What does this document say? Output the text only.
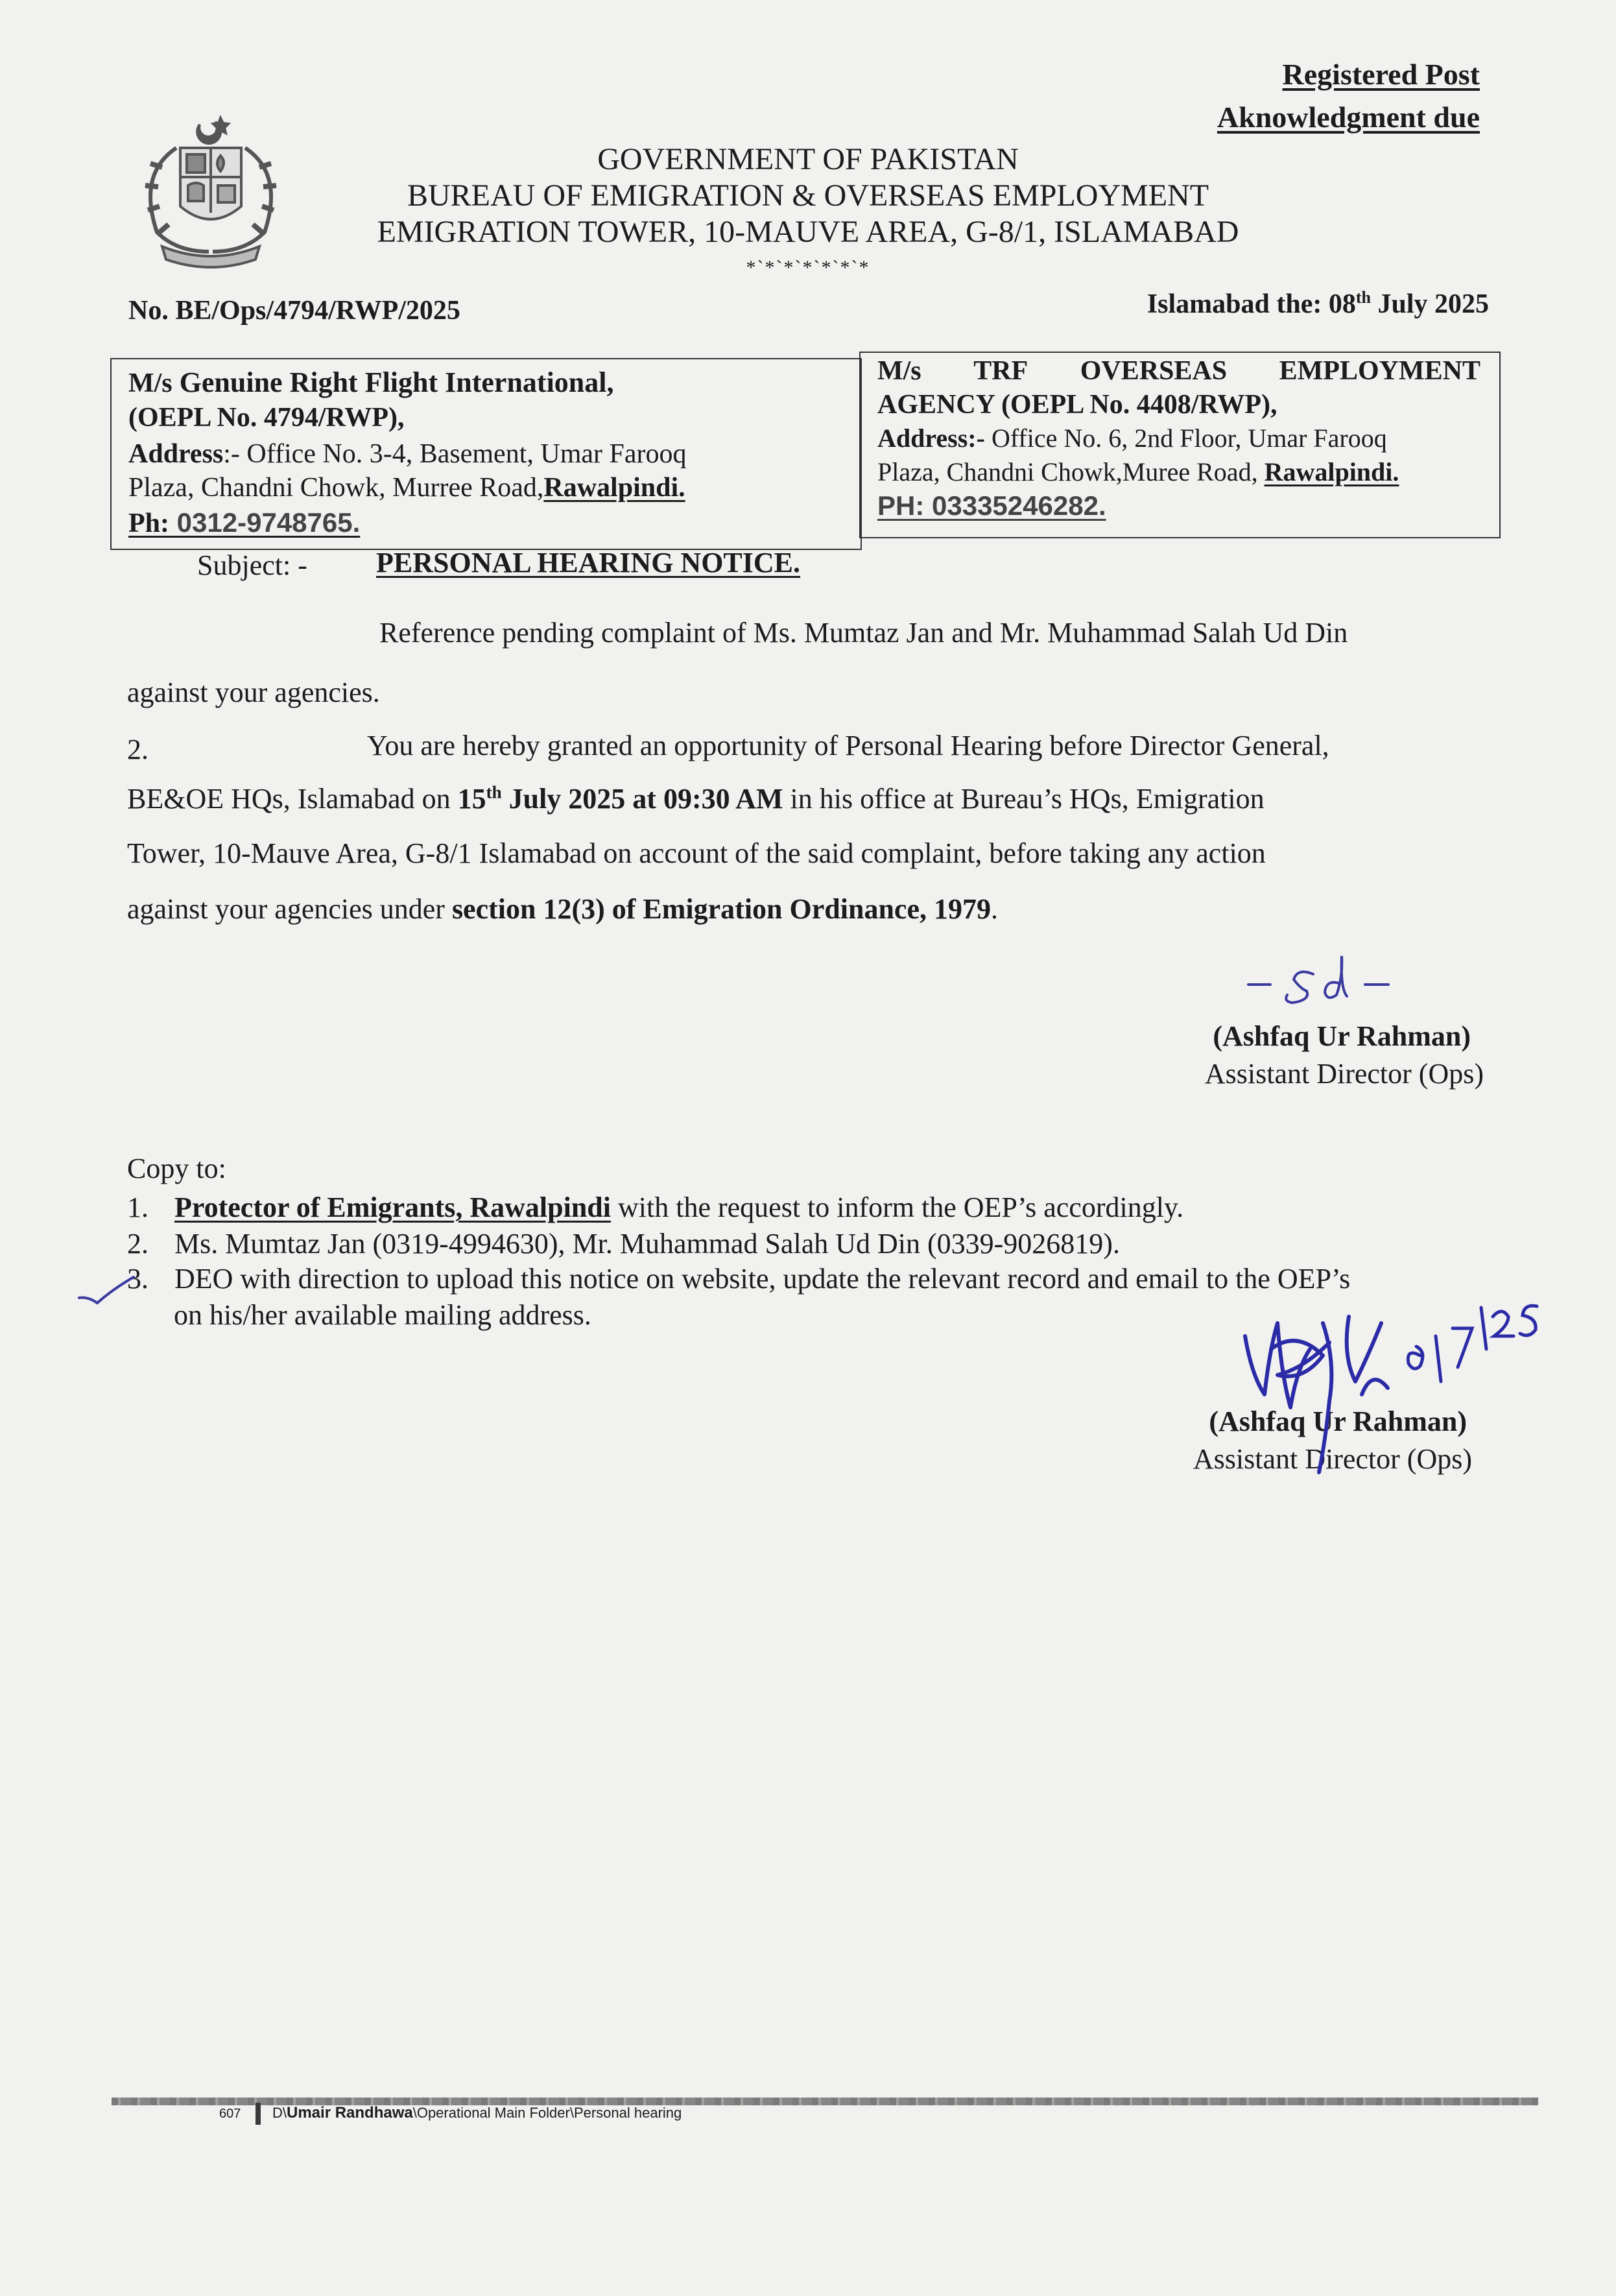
Registered Post
Aknowledgment due
GOVERNMENT OF PAKISTAN
BUREAU OF EMIGRATION & OVERSEAS EMPLOYMENT
EMIGRATION TOWER, 10-MAUVE AREA, G-8/1, ISLAMABAD
*`*`*`*`*`*`*
No. BE/Ops/4794/RWP/2025	Islamabad the: 08th July 2025
M/s Genuine Right Flight International,
(OEPL No. 4794/RWP),
Address:- Office No. 3-4, Basement, Umar Farooq
Plaza, Chandni Chowk, Murree Road,Rawalpindi.
Ph: 0312-9748765.
M/s TRF OVERSEAS EMPLOYMENT
AGENCY (OEPL No. 4408/RWP),
Address:- Office No. 6, 2nd Floor, Umar Farooq
Plaza, Chandni Chowk,Muree Road, Rawalpindi.
PH: 03335246282.
Subject: - PERSONAL HEARING NOTICE.
Reference pending complaint of Ms. Mumtaz Jan and Mr. Muhammad Salah Ud Din
against your agencies.
2.	You are hereby granted an opportunity of Personal Hearing before Director General,
BE&OE HQs, Islamabad on 15th July 2025 at 09:30 AM in his office at Bureau’s HQs, Emigration
Tower, 10-Mauve Area, G-8/1 Islamabad on account of the said complaint, before taking any action
against your agencies under section 12(3) of Emigration Ordinance, 1979.
(Ashfaq Ur Rahman)
Assistant Director (Ops)
Copy to:
1. Protector of Emigrants, Rawalpindi with the request to inform the OEP’s accordingly.
2. Ms. Mumtaz Jan (0319-4994630), Mr. Muhammad Salah Ud Din (0339-9026819).
3. DEO with direction to upload this notice on website, update the relevant record and email to the OEP’s
on his/her available mailing address.
(Ashfaq Ur Rahman)
Assistant Director (Ops)
607 D\Umair Randhawa\Operational Main Folder\Personal hearing
